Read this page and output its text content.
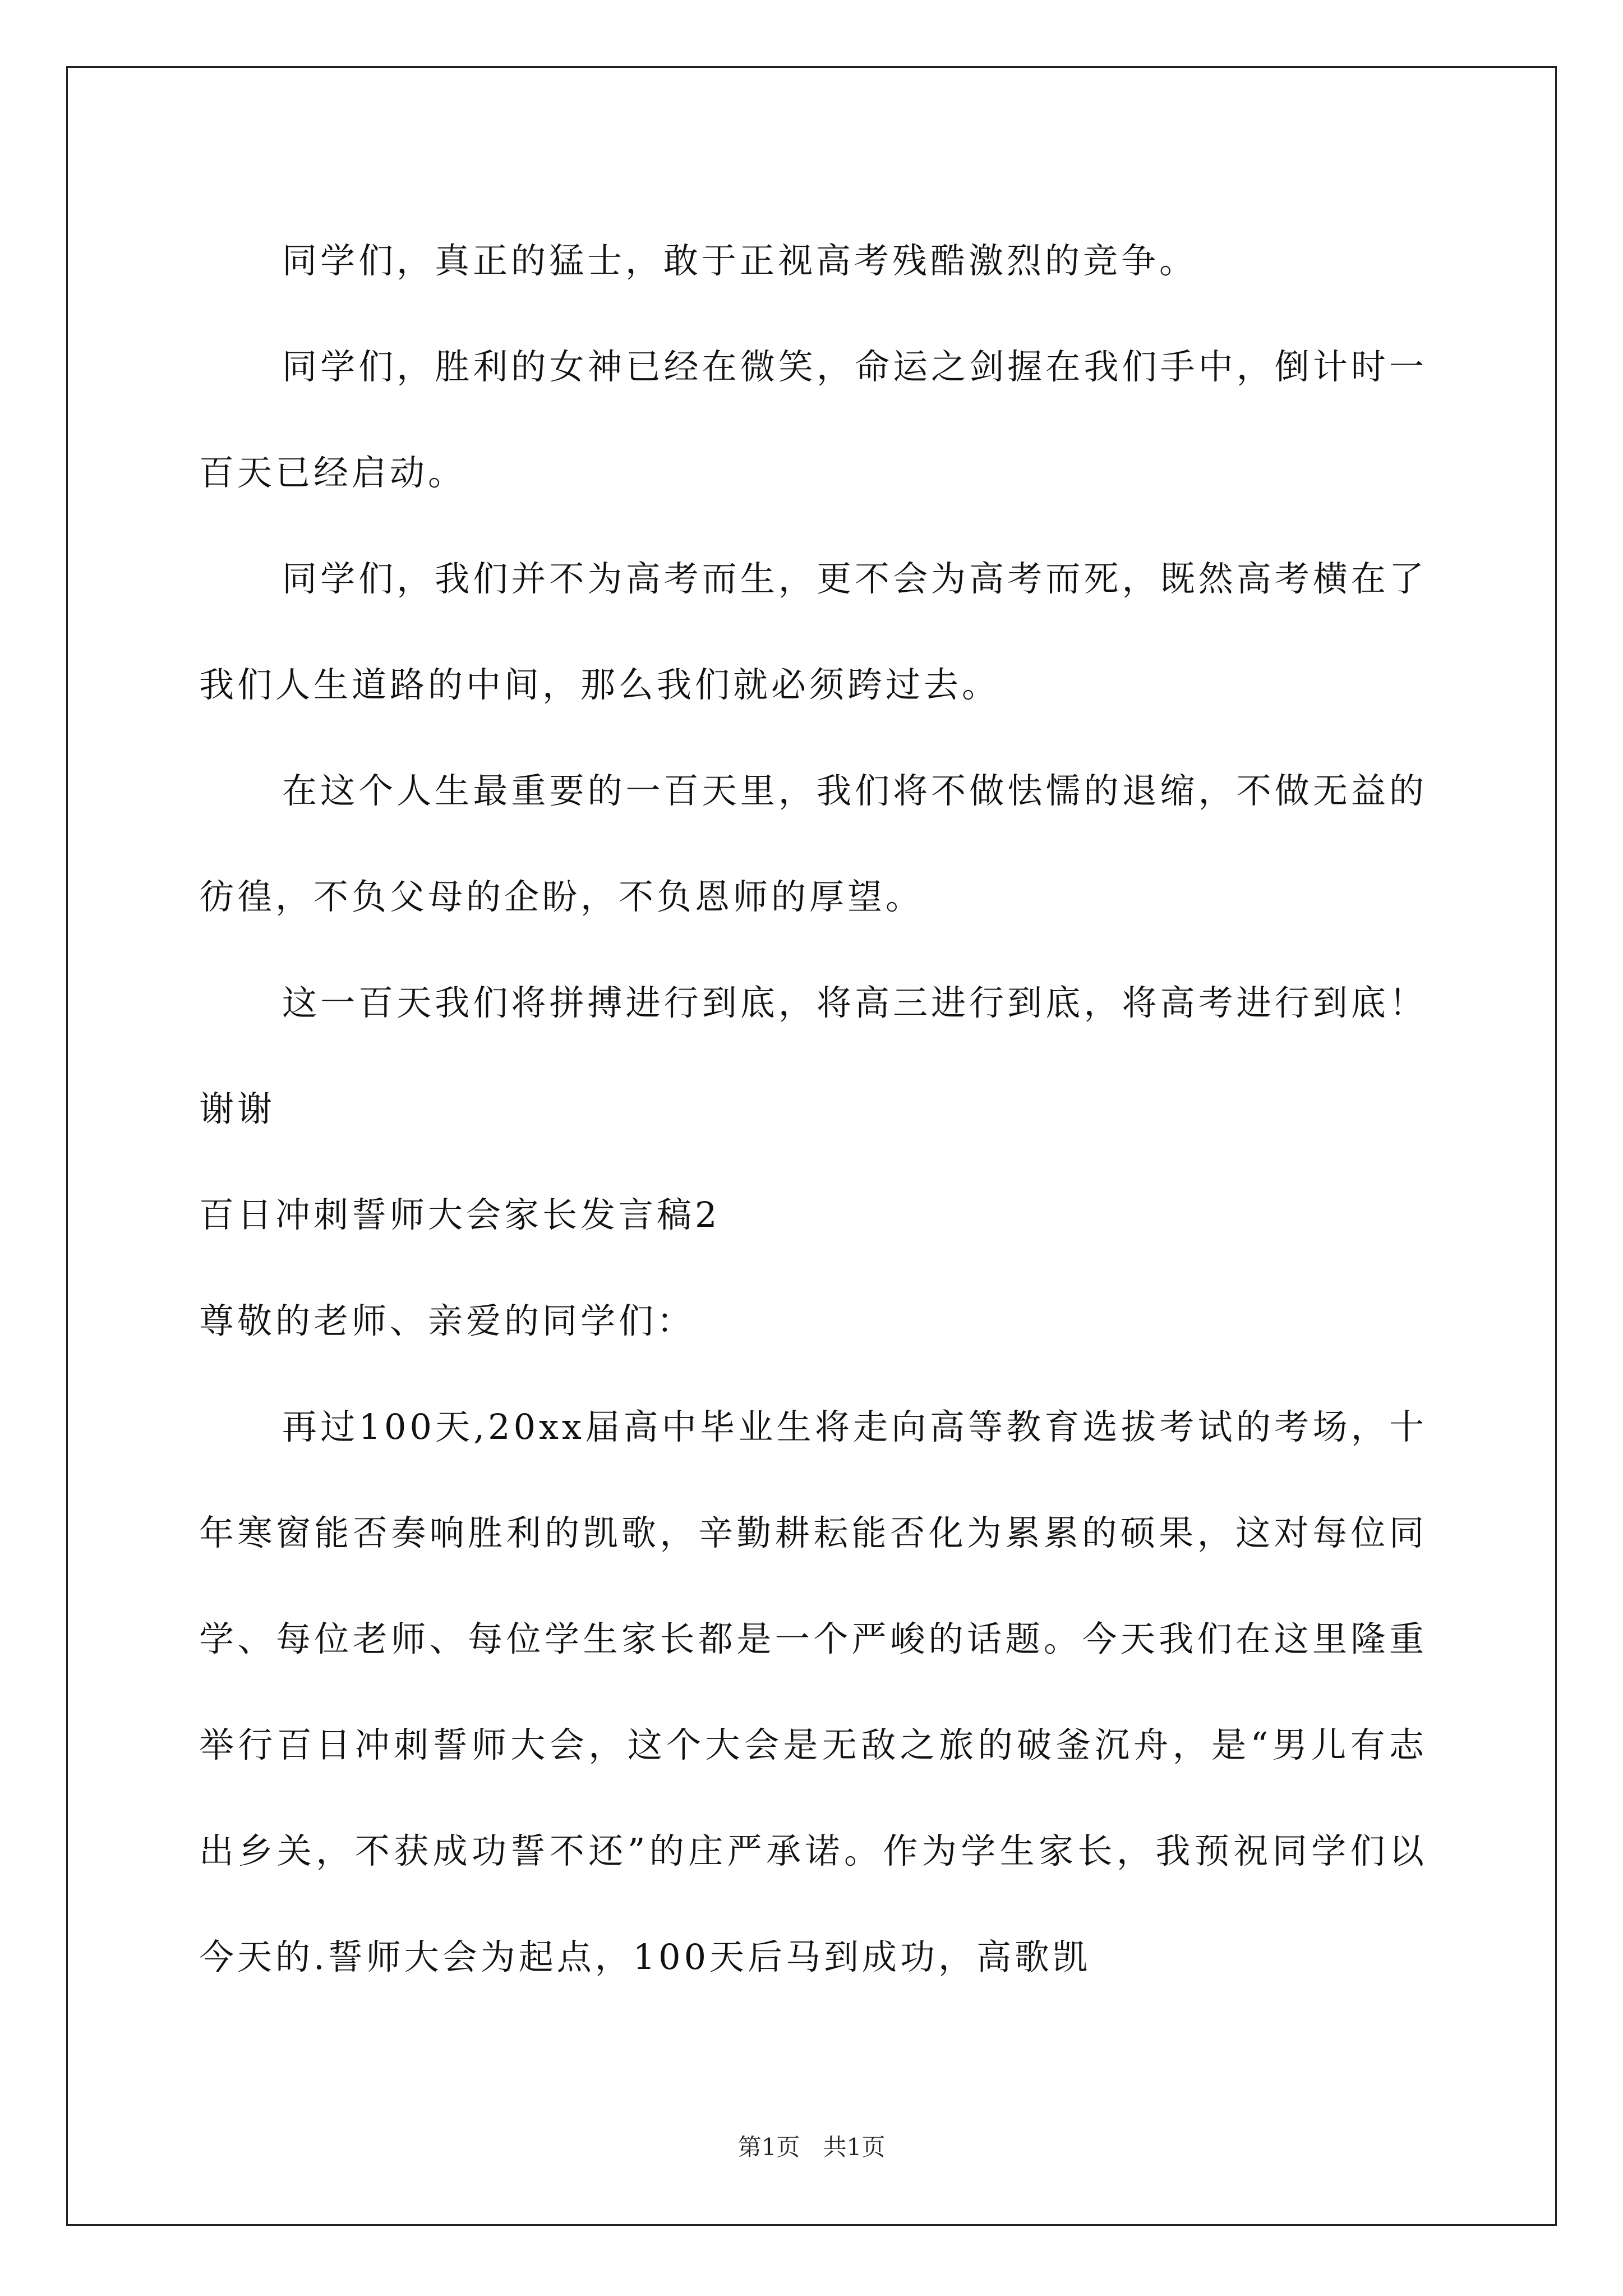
同学们，真正的猛士，敢于正视高考残酷激烈的竞争。

同学们，胜利的女神已经在微笑，命运之剑握在我们手中，倒计时一百天已经启动。

同学们，我们并不为高考而生，更不会为高考而死，既然高考横在了我们人生道路的中间，那么我们就必须跨过去。

在这个人生最重要的一百天里，我们将不做怯懦的退缩，不做无益的彷徨，不负父母的企盼，不负恩师的厚望。

这一百天我们将拼搏进行到底，将高三进行到底，将高考进行到底！谢谢

百日冲刺誓师大会家长发言稿2

尊敬的老师、亲爱的同学们：

再过100天,20xx届高中毕业生将走向高等教育选拔考试的考场，十年寒窗能否奏响胜利的凯歌，辛勤耕耘能否化为累累的硕果，这对每位同学、每位老师、每位学生家长都是一个严峻的话题。今天我们在这里隆重举行百日冲刺誓师大会，这个大会是无敌之旅的破釜沉舟，是“男儿有志出乡关，不获成功誓不还”的庄严承诺。作为学生家长，我预祝同学们以今天的.誓师大会为起点，100天后马到成功，高歌凯

第1页 共1页
